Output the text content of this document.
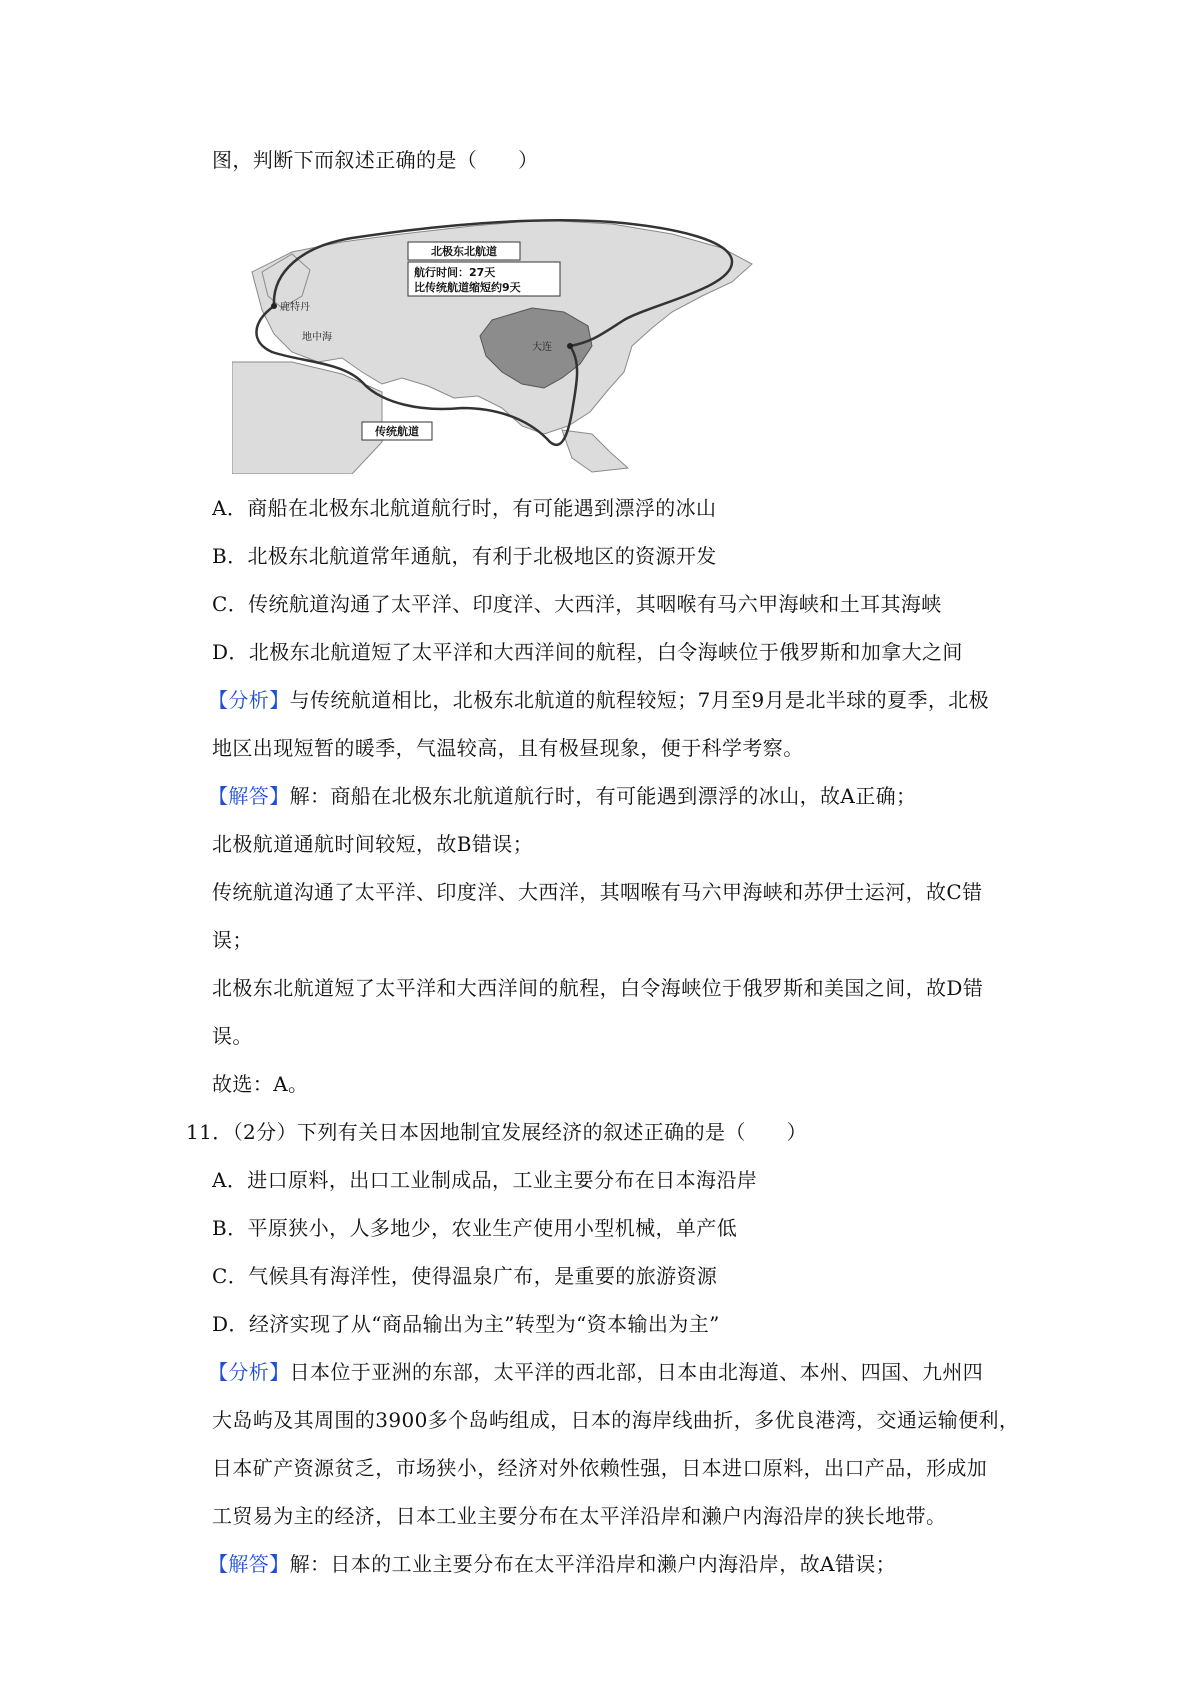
图，判断下而叙述正确的是（　　）
北极东北航道
航行时间：27天
比传统航道缩短约9天
鹿特丹
地中海
大连
传统航道
A．商船在北极东北航道航行时，有可能遇到漂浮的冰山
B．北极东北航道常年通航，有利于北极地区的资源开发
C．传统航道沟通了太平洋、印度洋、大西洋，其咽喉有马六甲海峡和土耳其海峡
D．北极东北航道短了太平洋和大西洋间的航程，白令海峡位于俄罗斯和加拿大之间
【分析】与传统航道相比，北极东北航道的航程较短；7月至9月是北半球的夏季，北极
地区出现短暂的暖季，气温较高，且有极昼现象，便于科学考察。
【解答】解：商船在北极东北航道航行时，有可能遇到漂浮的冰山，故A正确；
北极航道通航时间较短，故B错误；
传统航道沟通了太平洋、印度洋、大西洋，其咽喉有马六甲海峡和苏伊士运河，故C错
误；
北极东北航道短了太平洋和大西洋间的航程，白令海峡位于俄罗斯和美国之间，故D错
误。
故选：A。
11．（2分）下列有关日本因地制宜发展经济的叙述正确的是（　　）
A．进口原料，出口工业制成品，工业主要分布在日本海沿岸
B．平原狭小，人多地少，农业生产使用小型机械，单产低
C．气候具有海洋性，使得温泉广布，是重要的旅游资源
D．经济实现了从“商品输出为主”转型为“资本输出为主”
【分析】日本位于亚洲的东部，太平洋的西北部，日本由北海道、本州、四国、九州四
大岛屿及其周围的3900多个岛屿组成，日本的海岸线曲折，多优良港湾，交通运输便利，
日本矿产资源贫乏，市场狭小，经济对外依赖性强，日本进口原料，出口产品，形成加
工贸易为主的经济，日本工业主要分布在太平洋沿岸和濑户内海沿岸的狭长地带。
【解答】解：日本的工业主要分布在太平洋沿岸和濑户内海沿岸，故A错误；
